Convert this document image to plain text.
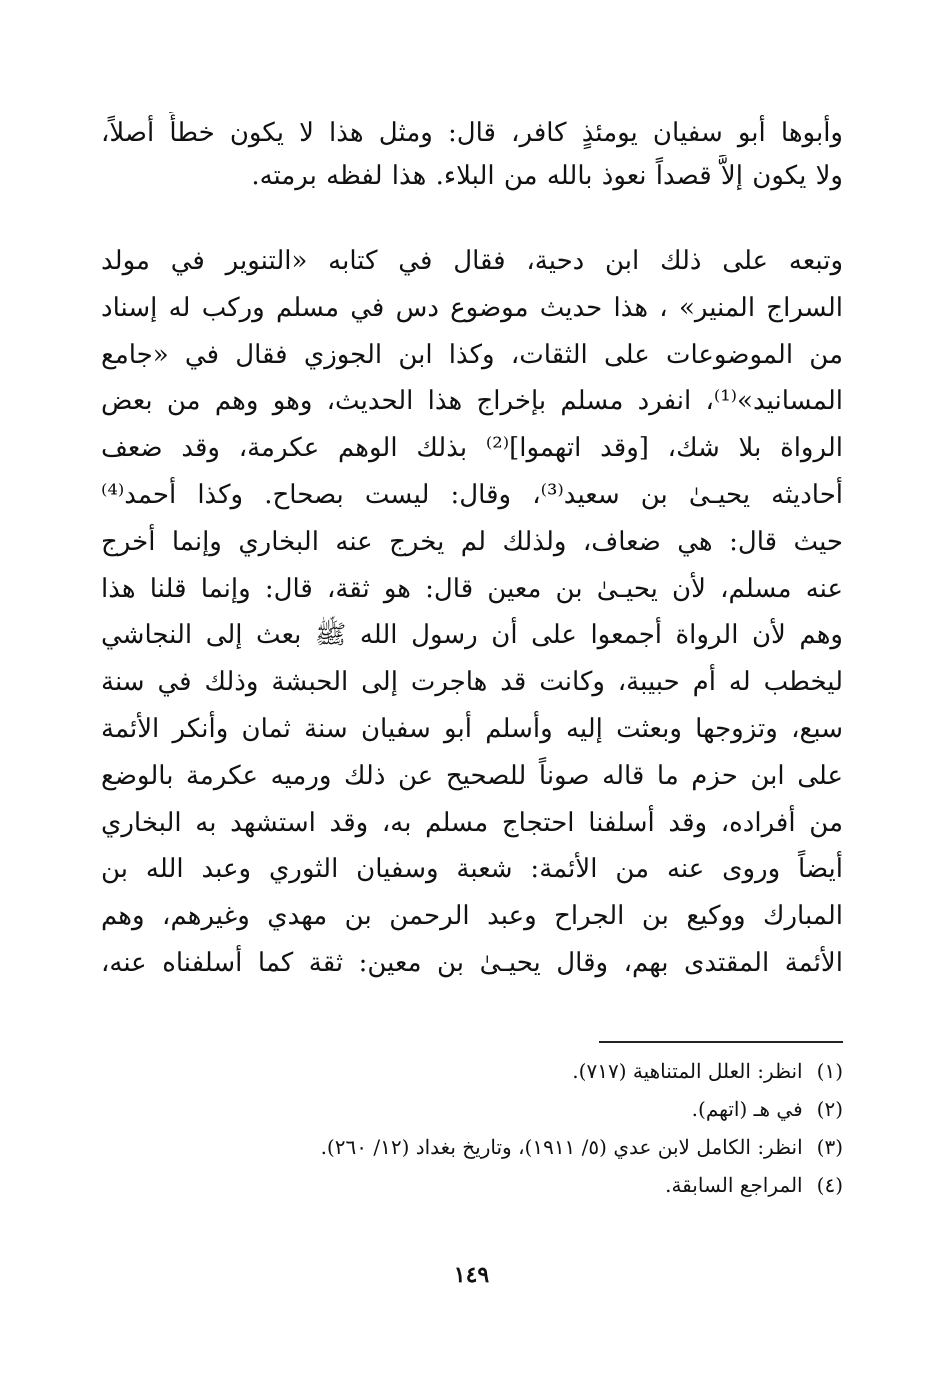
وأبوها أبو سفيان يومئذٍ كافر، قال: ومثل هذا لا يكون خطأً أصلاً،
ولا يكون إلاَّ قصداً نعوذ بالله من البلاء. هذا لفظه برمته.
وتبعه على ذلك ابن دحية، فقال في كتابه «التنوير في مولد
السراج المنير» ، هذا حديث موضوع دس في مسلم وركب له إسناد
من الموضوعات على الثقات، وكذا ابن الجوزي فقال في «جامع
المسانيد»⁽¹⁾، انفرد مسلم بإخراج هذا الحديث، وهو وهم من بعض
الرواة بلا شك، [وقد اتهموا]⁽²⁾ بذلك الوهم عكرمة، وقد ضعف
أحاديثه يحيـىٰ بن سعيد⁽³⁾، وقال: ليست بصحاح. وكذا أحمد⁽⁴⁾
حيث قال: هي ضعاف، ولذلك لم يخرج عنه البخاري وإنما أخرج
عنه مسلم، لأن يحيـىٰ بن معين قال: هو ثقة، قال: وإنما قلنا هذا
وهم لأن الرواة أجمعوا على أن رسول الله ﷺ بعث إلى النجاشي
ليخطب له أم حبيبة، وكانت قد هاجرت إلى الحبشة وذلك في سنة
سبع، وتزوجها وبعثت إليه وأسلم أبو سفيان سنة ثمان وأنكر الأئمة
على ابن حزم ما قاله صوناً للصحيح عن ذلك ورميه عكرمة بالوضع
من أفراده، وقد أسلفنا احتجاج مسلم به، وقد استشهد به البخاري
أيضاً وروى عنه من الأئمة: شعبة وسفيان الثوري وعبد الله بن
المبارك ووكيع بن الجراح وعبد الرحمن بن مهدي وغيرهم، وهم
الأئمة المقتدى بهم، وقال يحيـىٰ بن معين: ثقة كما أسلفناه عنه،
(١)انظر: العلل المتناهية (٧١٧).
(٢)في هـ (اتهم).
(٣)انظر: الكامل لابن عدي (٥/ ١٩١١)، وتاريخ بغداد (١٢/ ٢٦٠).
(٤)المراجع السابقة.
١٤٩
